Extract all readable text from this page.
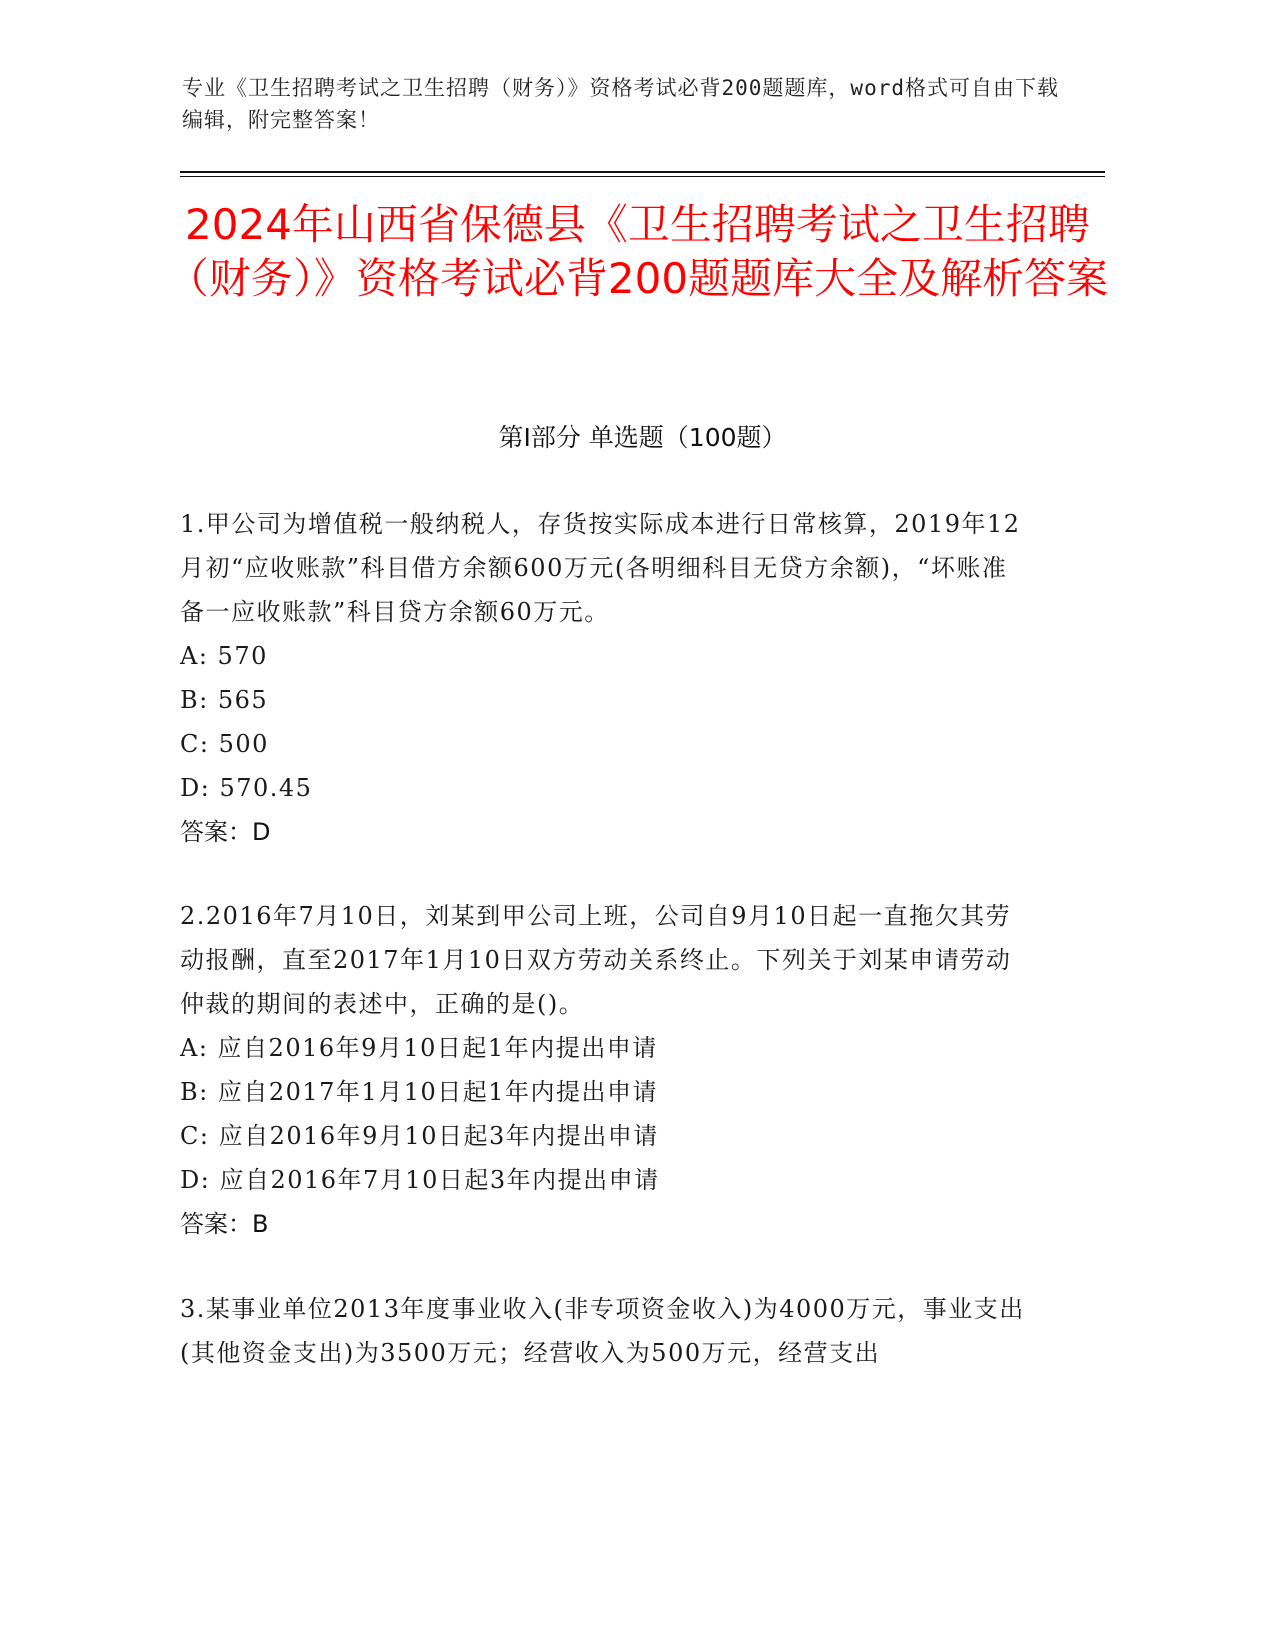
专业《卫生招聘考试之卫生招聘（财务）》资格考试必背200题题库，word格式可自由下载编辑，附完整答案！
2024年山西省保德县《卫生招聘考试之卫生招聘（财务）》资格考试必背200题题库大全及解析答案
第I部分 单选题（100题）

1.甲公司为增值税一般纳税人，存货按实际成本进行日常核算，2019年12月初“应收账款”科目借方余额600万元(各明细科目无贷方余额)，“坏账准备一应收账款”科目贷方余额60万元。

A: 570
B: 565
C: 500
D: 570.45
答案：D

2.2016年7月10日，刘某到甲公司上班，公司自9月10日起一直拖欠其劳动报酬，直至2017年1月10日双方劳动关系终止。下列关于刘某申请劳动仲裁的期间的表述中，正确的是()。

A: 应自2016年9月10日起1年内提出申请
B: 应自2017年1月10日起1年内提出申请
C: 应自2016年9月10日起3年内提出申请
D: 应自2016年7月10日起3年内提出申请
答案：B

3.某事业单位2013年度事业收入(非专项资金收入)为4000万元，事业支出(其他资金支出)为3500万元；经营收入为500万元，经营支出
